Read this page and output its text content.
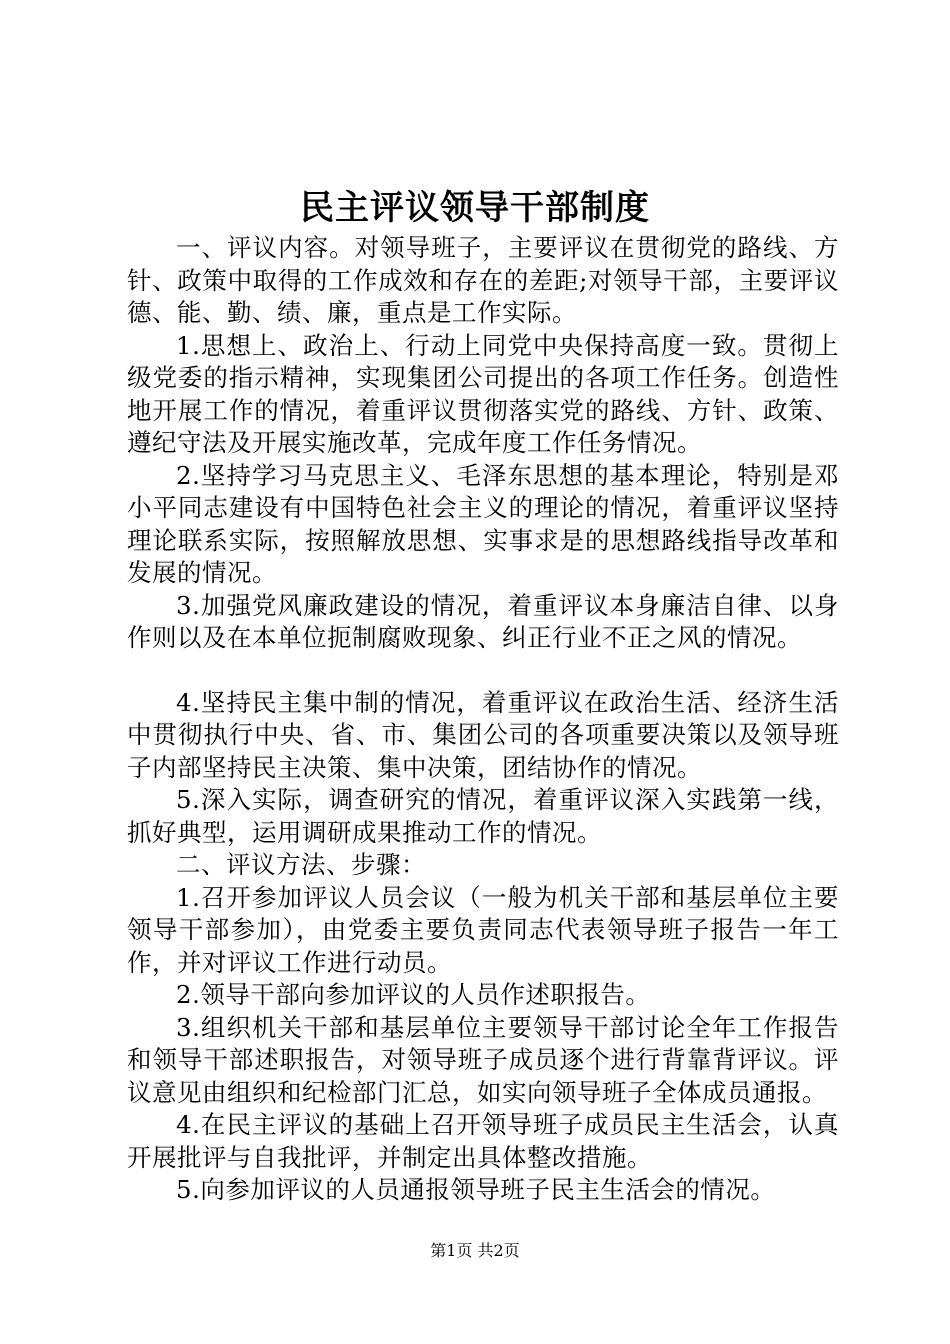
民主评议领导干部制度

一、评议内容。对领导班子，主要评议在贯彻党的路线、方针、政策中取得的工作成效和存在的差距;对领导干部，主要评议德、能、勤、绩、廉，重点是工作实际。

1.思想上、政治上、行动上同党中央保持高度一致。贯彻上级党委的指示精神，实现集团公司提出的各项工作任务。创造性地开展工作的情况，着重评议贯彻落实党的路线、方针、政策、遵纪守法及开展实施改革，完成年度工作任务情况。

2.坚持学习马克思主义、毛泽东思想的基本理论，特别是邓小平同志建设有中国特色社会主义的理论的情况，着重评议坚持理论联系实际，按照解放思想、实事求是的思想路线指导改革和发展的情况。

3.加强党风廉政建设的情况，着重评议本身廉洁自律、以身作则以及在本单位扼制腐败现象、纠正行业不正之风的情况。

4.坚持民主集中制的情况，着重评议在政治生活、经济生活中贯彻执行中央、省、市、集团公司的各项重要决策以及领导班子内部坚持民主决策、集中决策，团结协作的情况。

5.深入实际，调查研究的情况，着重评议深入实践第一线，抓好典型，运用调研成果推动工作的情况。

二、评议方法、步骤：

1.召开参加评议人员会议（一般为机关干部和基层单位主要领导干部参加），由党委主要负责同志代表领导班子报告一年工作，并对评议工作进行动员。

2.领导干部向参加评议的人员作述职报告。

3.组织机关干部和基层单位主要领导干部讨论全年工作报告和领导干部述职报告，对领导班子成员逐个进行背靠背评议。评议意见由组织和纪检部门汇总，如实向领导班子全体成员通报。

4.在民主评议的基础上召开领导班子成员民主生活会，认真开展批评与自我批评，并制定出具体整改措施。

5.向参加评议的人员通报领导班子民主生活会的情况。

第1页 共2页
